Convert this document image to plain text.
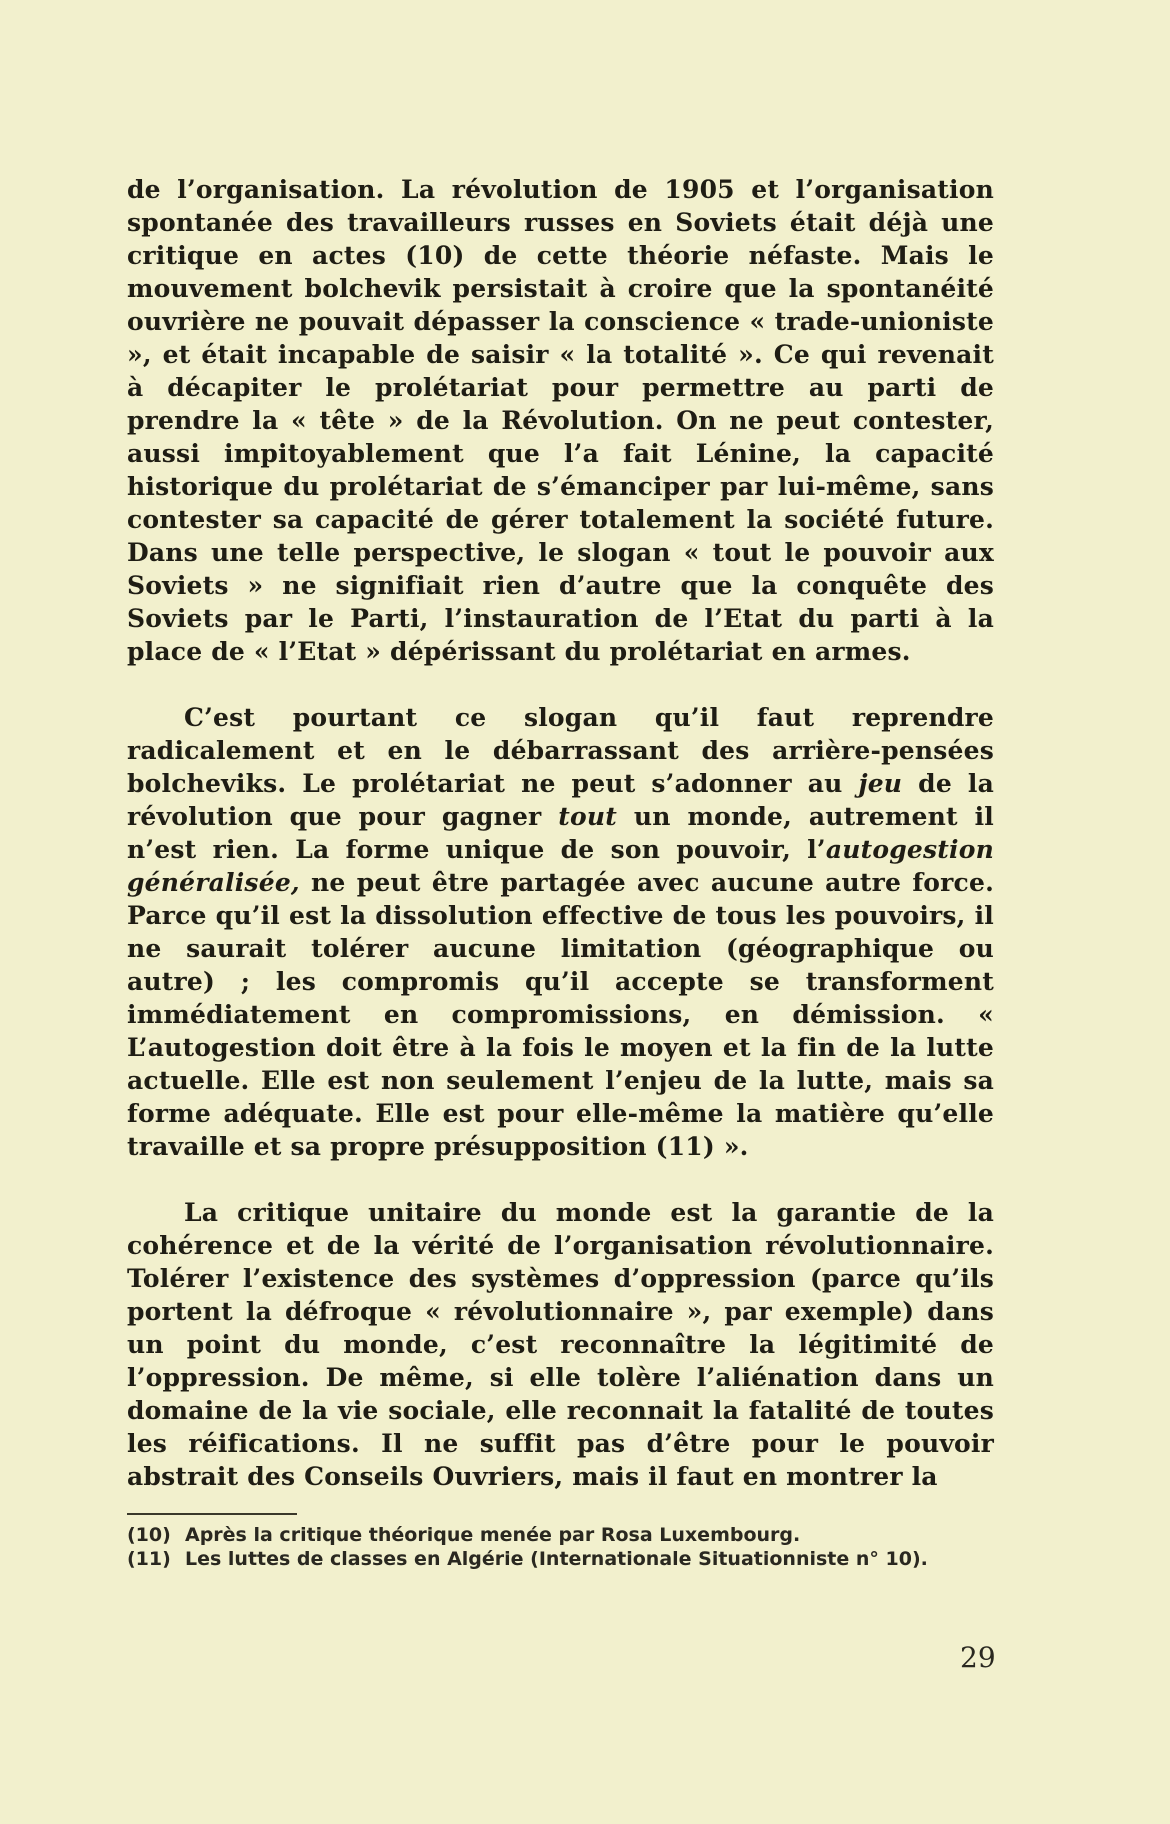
de l’organisation. La révolution de 1905 et l’organisation spontanée des travailleurs russes en Soviets était déjà une critique en actes (10) de cette théorie néfaste. Mais le mouvement bolchevik persistait à croire que la spontanéité ouvrière ne pouvait dépasser la conscience « trade-unioniste », et était incapable de saisir « la totalité ». Ce qui revenait à décapiter le prolétariat pour permettre au parti de prendre la « tête » de la Révolution. On ne peut contester, aussi impitoyablement que l’a fait Lénine, la capacité historique du prolétariat de s’émanciper par lui-même, sans contester sa capacité de gérer totalement la société future. Dans une telle perspective, le slogan « tout le pouvoir aux Soviets » ne signifiait rien d’autre que la conquête des Soviets par le Parti, l’instauration de l’Etat du parti à la place de « l’Etat » dépérissant du prolétariat en armes.

C’est pourtant ce slogan qu’il faut reprendre radicalement et en le débarrassant des arrière-pensées bolcheviks. Le prolétariat ne peut s’adonner au jeu de la révolution que pour gagner tout un monde, autrement il n’est rien. La forme unique de son pouvoir, l’autogestion généralisée, ne peut être partagée avec aucune autre force. Parce qu’il est la dissolution effective de tous les pouvoirs, il ne saurait tolérer aucune limitation (géographique ou autre) ; les compromis qu’il accepte se transforment immédiatement en compromissions, en démission. « L’autogestion doit être à la fois le moyen et la fin de la lutte actuelle. Elle est non seulement l’enjeu de la lutte, mais sa forme adéquate. Elle est pour elle-même la matière qu’elle travaille et sa propre présupposition (11) ».

La critique unitaire du monde est la garantie de la cohérence et de la vérité de l’organisation révolutionnaire. Tolérer l’existence des systèmes d’oppression (parce qu’ils portent la défroque « révolutionnaire », par exemple) dans un point du monde, c’est reconnaître la légitimité de l’oppression. De même, si elle tolère l’aliénation dans un domaine de la vie sociale, elle reconnait la fatalité de toutes les réifications. Il ne suffit pas d’être pour le pouvoir abstrait des Conseils Ouvriers, mais il faut en montrer la

(10) Après la critique théorique menée par Rosa Luxembourg.

(11) Les luttes de classes en Algérie (Internationale Situationniste n° 10).

29
